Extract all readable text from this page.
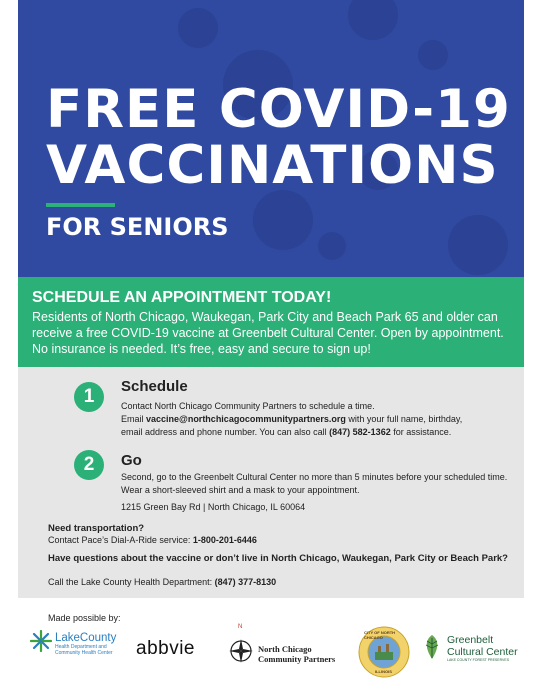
FREE COVID-19
VACCINATIONS
FOR SENIORS
SCHEDULE AN APPOINTMENT TODAY!
Residents of North Chicago, Waukegan, Park City and Beach Park 65 and older can receive a free COVID-19 vaccine at Greenbelt Cultural Center. Open by appointment. No insurance is needed. It’s free, easy and secure to sign up!
1	Schedule
Contact North Chicago Community Partners to schedule a time.
Email vaccine@northchicagocommunitypartners.org with your full name, birthday,
email address and phone number. You can also call (847) 582-1362 for assistance.
2	Go
Second, go to the Greenbelt Cultural Center no more than 5 minutes before your scheduled time. Wear a short-sleeved shirt and a mask to your appointment.
1215 Green Bay Rd | North Chicago, IL 60064
Need transportation?
Contact Pace’s Dial-A-Ride service: 1-800-201-6446
Have questions about the vaccine or don’t live in North Chicago, Waukegan, Park City or Beach Park?
Call the Lake County Health Department: (847) 377-8130
Made possible by:
LakeCounty
Health Department and
Community Health Center	abbvie
N
North Chicago
Community Partners
CITY OF NORTH CHICAGO
ILLINOIS
Greenbelt
Cultural Center
LAKE COUNTY FOREST PRESERVES
